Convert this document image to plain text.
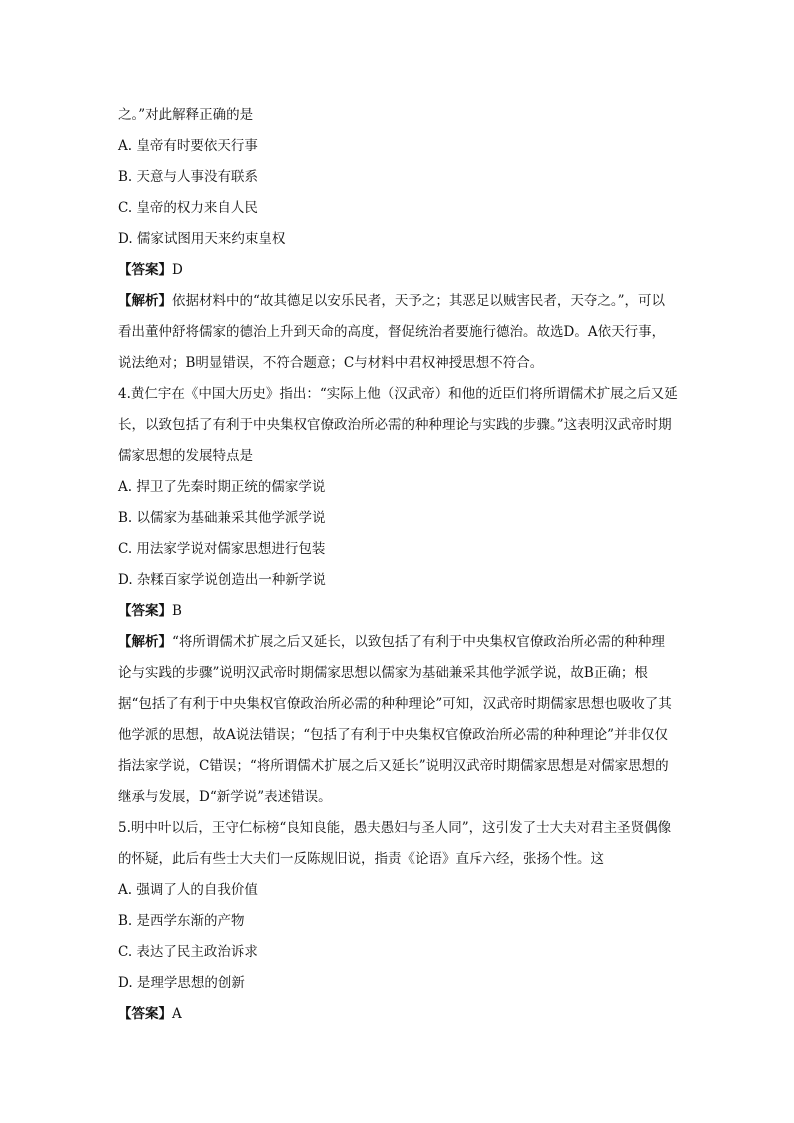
之。”对此解释正确的是
A. 皇帝有时要依天行事
B. 天意与人事没有联系
C. 皇帝的权力来自人民
D. 儒家试图用天来约束皇权
【答案】D
【解析】依据材料中的“故其德足以安乐民者，天予之；其恶足以贼害民者，天夺之。”，可以看出董仲舒将儒家的德治上升到天命的高度，督促统治者要施行德治。故选D。A依天行事，说法绝对；B明显错误，不符合题意；C与材料中君权神授思想不符合。
4.黄仁宇在《中国大历史》指出：“实际上他（汉武帝）和他的近臣们将所谓儒术扩展之后又延长，以致包括了有利于中央集权官僚政治所必需的种种理论与实践的步骤。”这表明汉武帝时期儒家思想的发展特点是
A. 捍卫了先秦时期正统的儒家学说
B. 以儒家为基础兼采其他学派学说
C. 用法家学说对儒家思想进行包装
D. 杂糅百家学说创造出一种新学说
【答案】B
【解析】“将所谓儒术扩展之后又延长，以致包括了有利于中央集权官僚政治所必需的种种理论与实践的步骤”说明汉武帝时期儒家思想以儒家为基础兼采其他学派学说，故B正确；根据“包括了有利于中央集权官僚政治所必需的种种理论”可知，汉武帝时期儒家思想也吸收了其他学派的思想，故A说法错误；“包括了有利于中央集权官僚政治所必需的种种理论”并非仅仅指法家学说，C错误；“将所谓儒术扩展之后又延长”说明汉武帝时期儒家思想是对儒家思想的继承与发展，D“新学说”表述错误。
5.明中叶以后，王守仁标榜“良知良能，愚夫愚妇与圣人同”，这引发了士大夫对君主圣贤偶像的怀疑，此后有些士大夫们一反陈规旧说，指责《论语》直斥六经，张扬个性。这
A. 强调了人的自我价值
B. 是西学东渐的产物
C. 表达了民主政治诉求
D. 是理学思想的创新
【答案】A
